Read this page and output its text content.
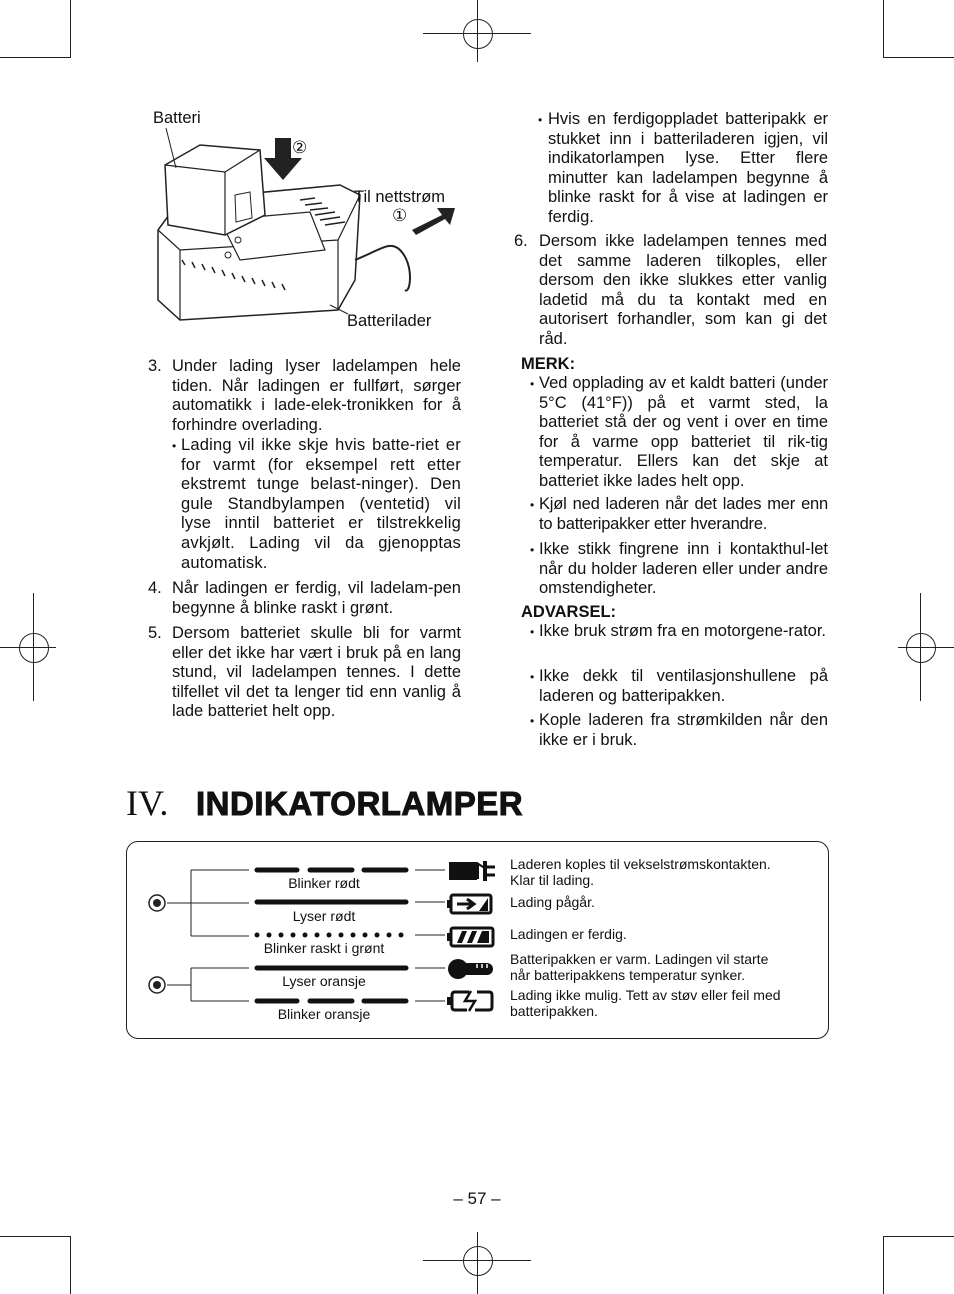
Batteri
②
Til nettstrøm
①
Batterilader
3. Under lading lyser ladelampen hele tiden. Når ladingen er fullført, sørger automatikk i lade-elek-tronikken for å forhindre overlading.
• Lading vil ikke skje hvis batte-riet er for varmt (for eksempel rett etter ekstremt tunge belast-ninger). Den gule Standbylampen (ventetid) vil lyse inntil batteriet er tilstrekkelig avkjølt. Lading vil da gjenopptas automatisk.
4. Når ladingen er ferdig, vil ladelam-pen begynne å blinke raskt i grønt.
5. Dersom batteriet skulle bli for varmt eller det ikke har vært i bruk på en lang stund, vil ladelampen tennes. I dette tilfellet vil det ta lenger tid enn vanlig å lade batteriet helt opp.
• Hvis en ferdigoppladet batteripakk er stukket inn i batteriladeren igjen, vil indikatorlampen lyse. Etter flere minutter kan ladelampen begynne å blinke raskt for å vise at ladingen er ferdig.
6. Dersom ikke ladelampen tennes med det samme laderen tilkoples, eller dersom den ikke slukkes etter vanlig ladetid må du ta kontakt med en autorisert forhandler, som kan gi det råd.
MERK:
• Ved opplading av et kaldt batteri (under 5°C (41°F)) på et varmt sted, la batteriet stå der og vent i over en time for å varme opp batteriet til rik-tig temperatur. Ellers kan det skje at batteriet ikke lades helt opp.
• Kjøl ned laderen når det lades mer enn to batteripakker etter hverandre.
• Ikke stikk fingrene inn i kontakthul-let når du holder laderen eller under andre omstendigheter.
ADVARSEL:
• Ikke bruk strøm fra en motorgene-rator.
• Ikke dekk til ventilasjonshullene på laderen og batteripakken.
• Kople laderen fra strømkilden når den ikke er i bruk.
IV. INDIKATORLAMPER
Blinker rødt
Lyser rødt
Blinker raskt i grønt
Lyser oransje
Blinker oransje
Laderen koples til vekselstrømskontakten.
Klar til lading.
Lading pågår.
Ladingen er ferdig.
Batteripakken er varm. Ladingen vil starte
når batteripakkens temperatur synker.
Lading ikke mulig. Tett av støv eller feil med
batteripakken.
– 57 –
